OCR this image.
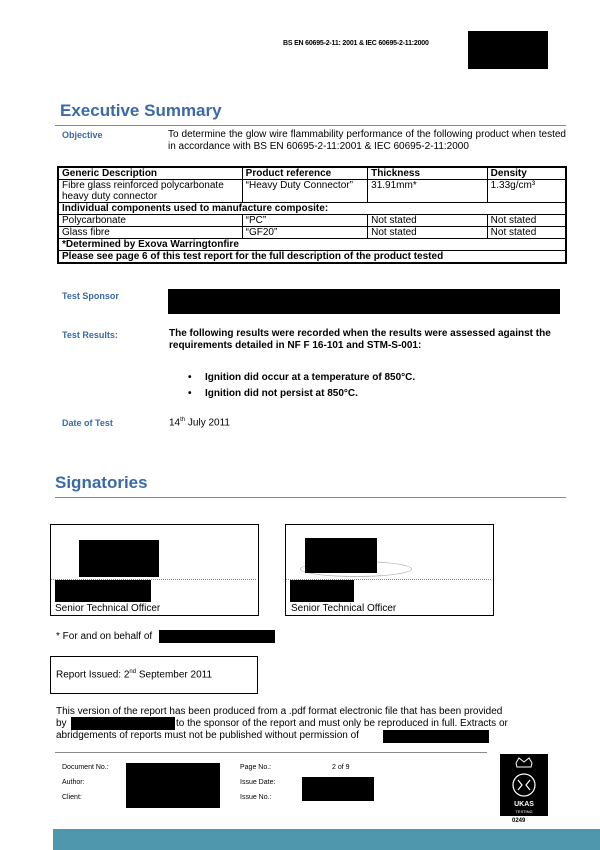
BS EN 60695-2-11: 2001 & IEC 60695-2-11:2000
Executive Summary
Objective	To determine the glow wire flammability performance of the following product when tested in accordance with BS EN 60695-2-11:2001 & IEC 60695-2-11:2000
Generic Description	Product reference	Thickness	Density
Fibre glass reinforced polycarbonate heavy duty connector	“Heavy Duty Connector”	31.91mm*	1.33g/cm³
Individual components used to manufacture composite:			
Polycarbonate	“PC”	Not stated	Not stated
Glass fibre	“GF20”	Not stated	Not stated
*Determined by Exova Warringtonfire			
Please see page 6 of this test report for the full description of the product tested			
Test Sponsor
Test Results:	The following results were recorded when the results were assessed against the requirements detailed in NF F 16-101 and STM-S-001:
• Ignition did occur at a temperature of 850°C.
• Ignition did not persist at 850°C.
Date of Test	14th July 2011
Signatories
Senior Technical Officer	Senior Technical Officer
* For and on behalf of
Report Issued: 2nd September 2011
This version of the report has been produced from a .pdf format electronic file that has been provided
by	to the sponsor of the report and must only be reproduced in full. Extracts or
abridgements of reports must not be published without permission of
Document No.:
Author:
Client:
Page No.:	2 of 9
Issue Date:
Issue No.:
UKAS
TESTING
0249
